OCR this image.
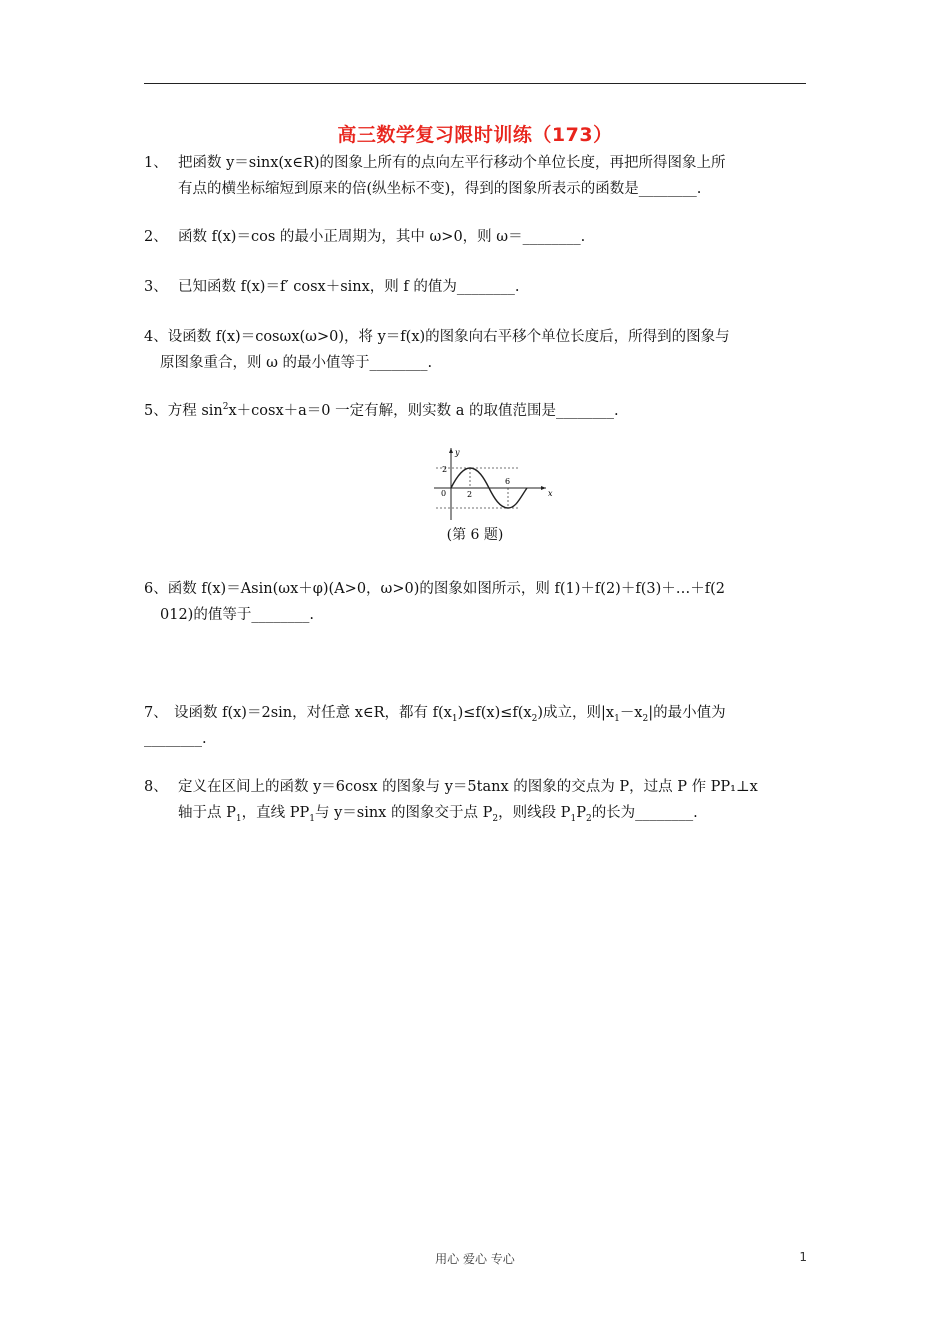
高三数学复习限时训练（173）
1、 把函数 y＝sinx(x∈R)的图象上所有的点向左平行移动个单位长度，再把所得图象上所
有点的横坐标缩短到原来的倍(纵坐标不变)，得到的图象所表示的函数是________.
2、 函数 f(x)＝cos 的最小正周期为，其中 ω>0，则 ω＝________.
3、 已知函数 f(x)＝f′ cosx＋sinx，则 f 的值为________.
4、设函数 f(x)＝cosωx(ω>0)，将 y＝f(x)的图象向右平移个单位长度后，所得到的图象与
原图象重合，则 ω 的最小值等于________.
5、方程 $\sin^2x+\cos x+a=0$ 一定有解，则实数 a 的取值范围是________.
6、函数 f(x)＝Asin(ωx＋φ)(A>0，ω>0)的图象如图所示，则 f(1)＋f(2)＋f(3)＋…＋f(2
012)的值等于________.
7、 设函数 f(x)＝2sin，对任意 x∈R，都有 $f(x_1)\le f(x)\le f(x_2)$成立，则$|x_1-x_2|$的最小值为
________.
8、 定义在区间上的函数 y＝6cosx 的图象与 y＝5tanx 的图象的交点为 P，过点 P 作 PP₁⊥x
轴于点 $P_1$，直线 $PP_1$与 y＝sinx 的图象交于点 $P_2$，则线段 $P_1P_2$的长为________.
y
x
2
0	2
6
(第 6 题)
用心 爱心 专心	1
